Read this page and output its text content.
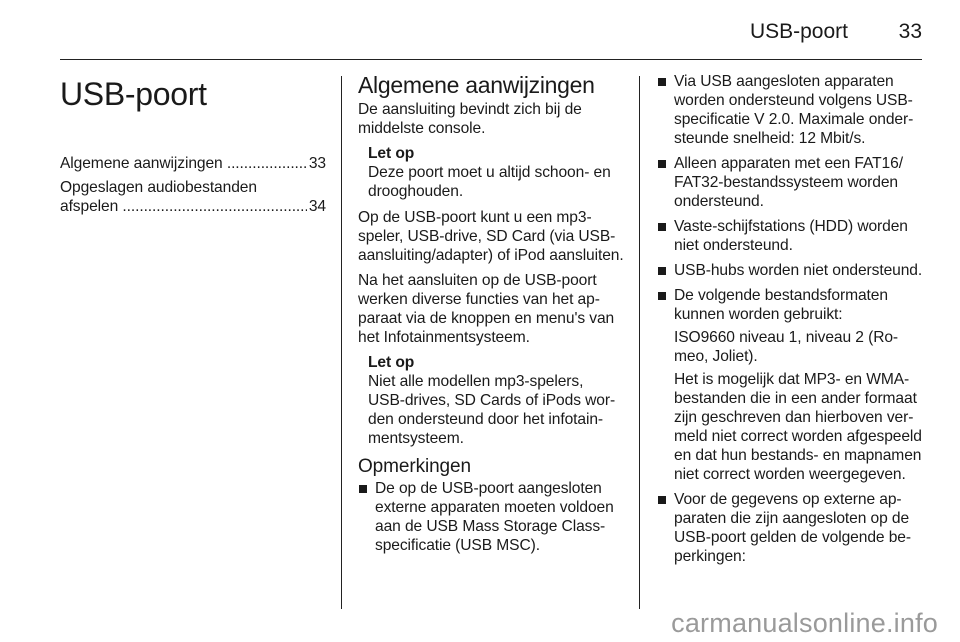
USB-poort 33
USB-poort
Algemene aanwijzingen .....	33
Opgeslagen audiobestanden
afspelen .....	34
Algemene aanwijzingen

De aansluiting bevindt zich bij de middelste console.

Let op
Deze poort moet u altijd schoon- en drooghouden.

Op de USB-poort kunt u een mp3-speler, USB-drive, SD Card (via USB-aansluiting/adapter) of iPod aansluiten.

Na het aansluiten op de USB-poort werken diverse functies van het apparaat via de knoppen en menu's van het Infotainmentsysteem.

Let op
Niet alle modellen mp3-spelers, USB-drives, SD Cards of iPods worden ondersteund door het infotainmentsysteem.
Opmerkingen
De op de USB-poort aangesloten externe apparaten moeten voldoen aan de USB Mass Storage Class-specificatie (USB MSC).
Via USB aangesloten apparaten worden ondersteund volgens USB-specificatie V 2.0. Maximale ondersteunde snelheid: 12 Mbit/s.
Alleen apparaten met een FAT16/ FAT32-bestandssysteem worden ondersteund.
Vaste-schijfstations (HDD) worden niet ondersteund.
USB-hubs worden niet ondersteund.
De volgende bestandsformaten kunnen worden gebruikt:
ISO9660 niveau 1, niveau 2 (Romeo, Joliet).
Het is mogelijk dat MP3- en WMA-bestanden die in een ander formaat zijn geschreven dan hierboven vermeld niet correct worden afgespeeld en dat hun bestands- en mapnamen niet correct worden weergegeven.
Voor de gegevens op externe apparaten die zijn aangesloten op de USB-poort gelden de volgende beperkingen:
carmanualsonline.info
